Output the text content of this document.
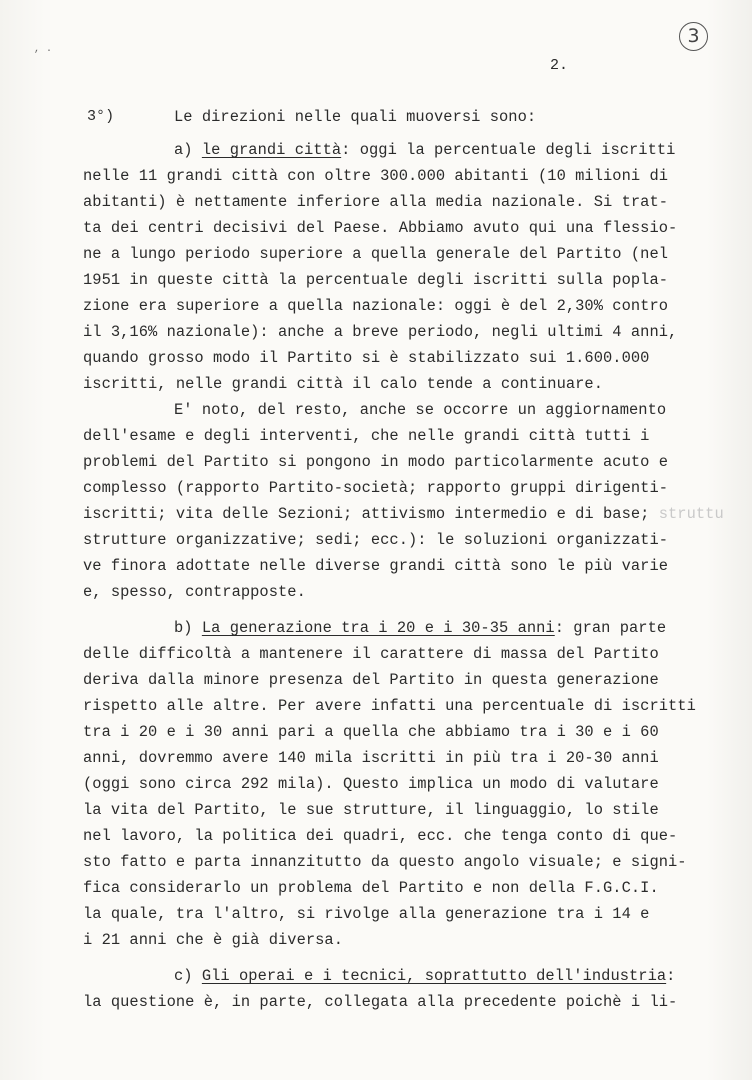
3
, .
2.
3°)	Le direzioni nelle quali muoversi sono:
a) le grandi città: oggi la percentuale degli iscritti
nelle 11 grandi città con oltre 300.000 abitanti (10 milioni di
abitanti) è nettamente inferiore alla media nazionale. Si trat-
ta dei centri decisivi del Paese. Abbiamo avuto qui una flessio-
ne a lungo periodo superiore a quella generale del Partito (nel
1951 in queste città la percentuale degli iscritti sulla popla-
zione era superiore a quella nazionale: oggi è del 2,30% contro
il 3,16% nazionale): anche a breve periodo, negli ultimi 4 anni,
quando grosso modo il Partito si è stabilizzato sui 1.600.000
iscritti, nelle grandi città il calo tende a continuare.
E' noto, del resto, anche se occorre un aggiornamento
dell'esame e degli interventi, che nelle grandi città tutti i
problemi del Partito si pongono in modo particolarmente acuto e
complesso (rapporto Partito-società; rapporto gruppi dirigenti-
iscritti; vita delle Sezioni; attivismo intermedio e di base; struttu
strutture organizzative; sedi; ecc.): le soluzioni organizzati-
ve finora adottate nelle diverse grandi città sono le più varie
e, spesso, contrapposte.
b) La generazione tra i 20 e i 30-35 anni: gran parte
delle difficoltà a mantenere il carattere di massa del Partito
deriva dalla minore presenza del Partito in questa generazione
rispetto alle altre. Per avere infatti una percentuale di iscritti
tra i 20 e i 30 anni pari a quella che abbiamo tra i 30 e i 60
anni, dovremmo avere 140 mila iscritti in più tra i 20-30 anni
(oggi sono circa 292 mila). Questo implica un modo di valutare
la vita del Partito, le sue strutture, il linguaggio, lo stile
nel lavoro, la politica dei quadri, ecc. che tenga conto di que-
sto fatto e parta innanzitutto da questo angolo visuale; e signi-
fica considerarlo un problema del Partito e non della F.G.C.I.
la quale, tra l'altro, si rivolge alla generazione tra i 14 e
i 21 anni che è già diversa.
c) Gli operai e i tecnici, soprattutto dell'industria:
la questione è, in parte, collegata alla precedente poichè i li-
